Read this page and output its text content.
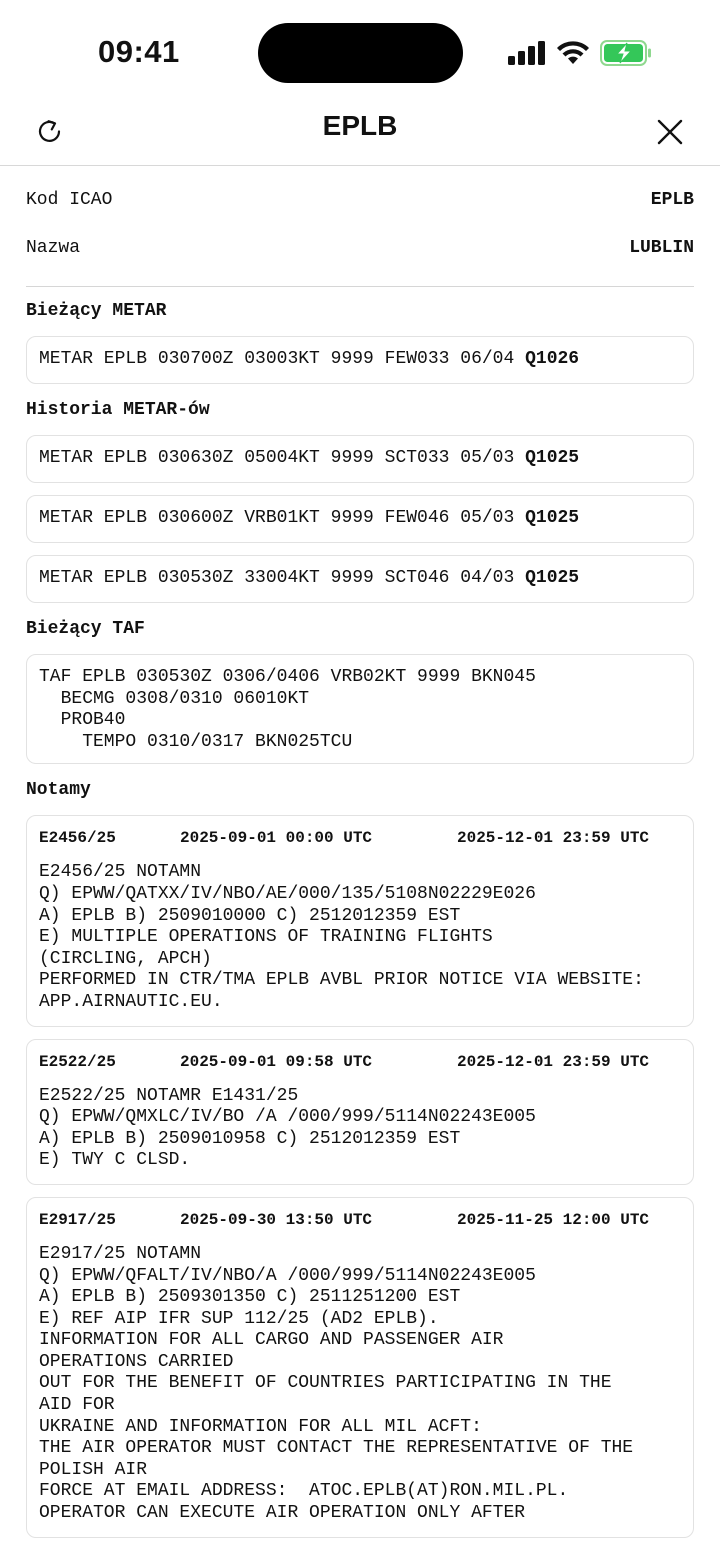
09:41
EPLB
Kod ICAO	EPLB
Nazwa	LUBLIN
Bieżący METAR
METAR EPLB 030700Z 03003KT 9999 FEW033 06/04 Q1026
Historia METAR-ów
METAR EPLB 030630Z 05004KT 9999 SCT033 05/03 Q1025
METAR EPLB 030600Z VRB01KT 9999 FEW046 05/03 Q1025
METAR EPLB 030530Z 33004KT 9999 SCT046 04/03 Q1025
Bieżący TAF
TAF EPLB 030530Z 0306/0406 VRB02KT 9999 BKN045
BECMG 0308/0310 06010KT
PROB40
TEMPO 0310/0317 BKN025TCU
Notamy
E2456/25	2025-09-01 00:00 UTC	2025-12-01 23:59 UTC
E2456/25 NOTAMN
Q) EPWW/QATXX/IV/NBO/AE/000/135/5108N02229E026
A) EPLB B) 2509010000 C) 2512012359 EST
E) MULTIPLE OPERATIONS OF TRAINING FLIGHTS
(CIRCLING, APCH)
PERFORMED IN CTR/TMA EPLB AVBL PRIOR NOTICE VIA WEBSITE:
APP.AIRNAUTIC.EU.
E2522/25	2025-09-01 09:58 UTC	2025-12-01 23:59 UTC
E2522/25 NOTAMR E1431/25
Q) EPWW/QMXLC/IV/BO /A /000/999/5114N02243E005
A) EPLB B) 2509010958 C) 2512012359 EST
E) TWY C CLSD.
E2917/25	2025-09-30 13:50 UTC	2025-11-25 12:00 UTC
E2917/25 NOTAMN
Q) EPWW/QFALT/IV/NBO/A /000/999/5114N02243E005
A) EPLB B) 2509301350 C) 2511251200 EST
E) REF AIP IFR SUP 112/25 (AD2 EPLB).
INFORMATION FOR ALL CARGO AND PASSENGER AIR
OPERATIONS CARRIED
OUT FOR THE BENEFIT OF COUNTRIES PARTICIPATING IN THE
AID FOR
UKRAINE AND INFORMATION FOR ALL MIL ACFT:
THE AIR OPERATOR MUST CONTACT THE REPRESENTATIVE OF THE
POLISH AIR
FORCE AT EMAIL ADDRESS:  ATOC.EPLB(AT)RON.MIL.PL.
OPERATOR CAN EXECUTE AIR OPERATION ONLY AFTER
